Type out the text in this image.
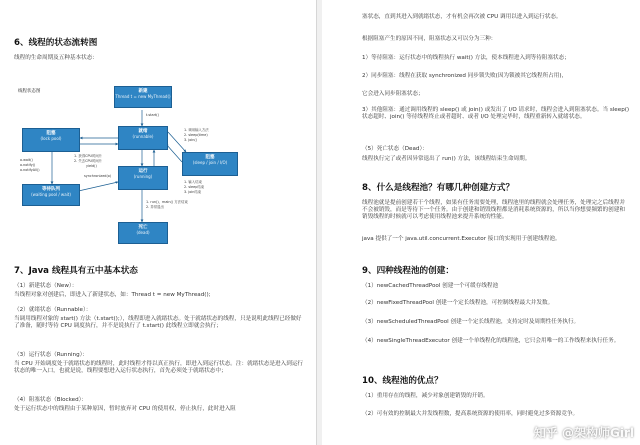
6、线程的状态流转图
线程的生命周期及五种基本状态：
线程状态图	新建
Thread t = new MyThread()
就绪
(runnable)
阻塞
(lock pool)
等待队列
(waiting pool / wait)
阻塞
(sleep / join / I/O)
运行
(running)
死亡
(dead)
t.start()
1. 获得CPU时间片
2. 失去CPU时间片
yield()
synchronized(o)
o.wait()
o.notify()
o.notifyAll()
1. 调用输入方法
2. sleep(time)
3. join()
1. 输入结束
2. sleep结束
3. join结束
1. run()、main() 方法结束
2. 异常退出
7、Java 线程具有五中基本状态
（1）新建状态（New）：
当线程对象对创建后，即进入了新建状态，如：Thread t = new MyThread();
（2）就绪状态（Runnable）：
当调用线程对象的 start() 方法（t.start();），线程即进入就绪状态。处于就绪状态的线程，只是说明此线程已经做好了准备，随时等待 CPU 调度执行，并不是说执行了 t.start() 此线程立即就会执行；
（3）运行状态（Running）：
当 CPU 开始调度处于就绪状态的线程时，此时线程才得以真正执行，即进入到运行状态。注：就绪状态是进入到运行状态的唯一入口，也就是说，线程要想进入运行状态执行，首先必须处于就绪状态中；
（4）阻塞状态（Blocked）：
处于运行状态中的线程由于某种原因，暂时放弃对 CPU 的使用权，停止执行，此时进入阻
塞状态，直到其进入到就绪状态，才有机会再次被 CPU 调用以进入到运行状态。
根据阻塞产生的原因不同，阻塞状态又可以分为三种：
1）等待阻塞：运行状态中的线程执行 wait() 方法，使本线程进入到等待阻塞状态；
2）同步阻塞：线程在获取 synchronized 同步锁失败(因为锁被其它线程所占用)，
它会进入同步阻塞状态；
3）其他阻塞：通过调用线程的 sleep() 或 join() 或发出了 I/O 请求时，线程会进入到阻塞状态。当 sleep() 状态超时、join() 等待线程终止或者超时、或者 I/O 处理完毕时，线程重新转入就绪状态。
（5）死亡状态（Dead）：
线程执行完了或者因异常退出了 run() 方法，该线程结束生命周期。
8、什么是线程池？有哪几种创建方式？
线程池就是提前创建若干个线程，如果有任务需要处理，线程池里的线程就会处理任务，处理完之后线程并不会被销毁，而是等待下一个任务。由于创建和销毁线程都是消耗系统资源的，所以当你想要频繁的创建和销毁线程的时候就可以考虑使用线程池来提升系统的性能。
java 提供了一个 java.util.concurrent.Executor 接口的实现用于创建线程池。
9、四种线程池的创建：
（1）newCachedThreadPool 创建一个可缓存线程池
（2）newFixedThreadPool 创建一个定长线程池，可控制线程最大并发数。
（3）newScheduledThreadPool 创建一个定长线程池，支持定时及周期性任务执行。
（4）newSingleThreadExecutor 创建一个单线程化的线程池，它只会用唯一的工作线程来执行任务。
10、线程池的优点？
（1）重用存在的线程，减少对象创建销毁的开销。
（2）可有效的控制最大并发线程数，提高系统资源的使用率，同时避免过多资源竞争。
知乎 @架构师Girl
